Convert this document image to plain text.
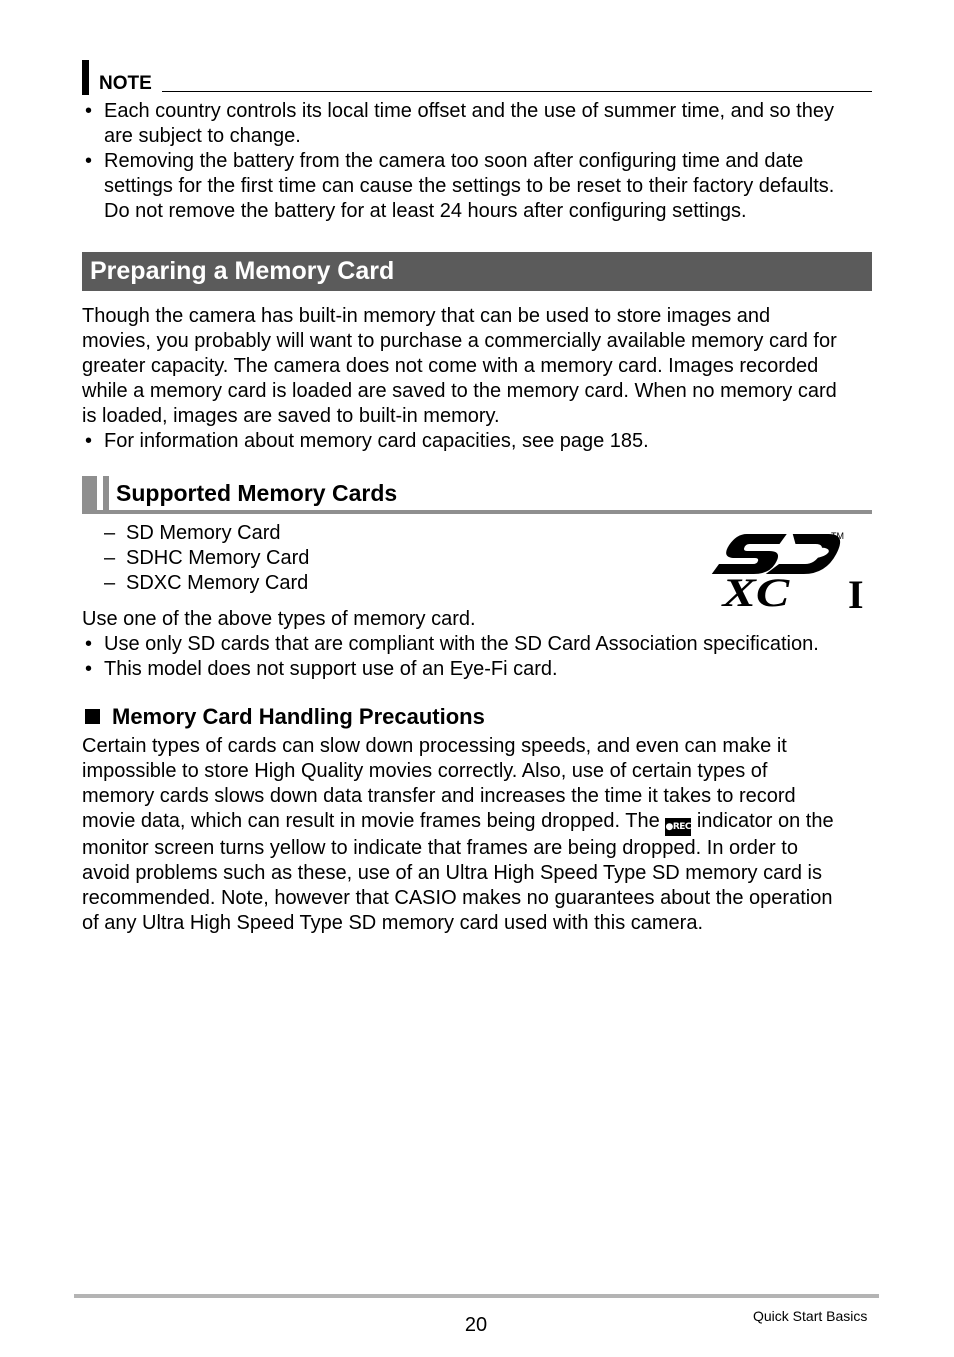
NOTE
• Each country controls its local time offset and the use of summer time, and so they
are subject to change.
• Removing the battery from the camera too soon after configuring time and date
settings for the first time can cause the settings to be reset to their factory defaults.
Do not remove the battery for at least 24 hours after configuring settings.
Preparing a Memory Card
Though the camera has built-in memory that can be used to store images and
movies, you probably will want to purchase a commercially available memory card for
greater capacity. The camera does not come with a memory card. Images recorded
while a memory card is loaded are saved to the memory card. When no memory card
is loaded, images are saved to built-in memory.
• For information about memory card capacities, see page 185.
Supported Memory Cards
– SD Memory Card
– SDHC Memory Card
– SDXC Memory Card
TM
XC I
Use one of the above types of memory card.
• Use only SD cards that are compliant with the SD Card Association specification.
• This model does not support use of an Eye-Fi card.
Memory Card Handling Precautions
Certain types of cards can slow down processing speeds, and even can make it
impossible to store High Quality movies correctly. Also, use of certain types of
memory cards slows down data transfer and increases the time it takes to record
movie data, which can result in movie frames being dropped. The ●REC indicator on the
monitor screen turns yellow to indicate that frames are being dropped. In order to
avoid problems such as these, use of an Ultra High Speed Type SD memory card is
recommended. Note, however that CASIO makes no guarantees about the operation
of any Ultra High Speed Type SD memory card used with this camera.
20	Quick Start Basics
